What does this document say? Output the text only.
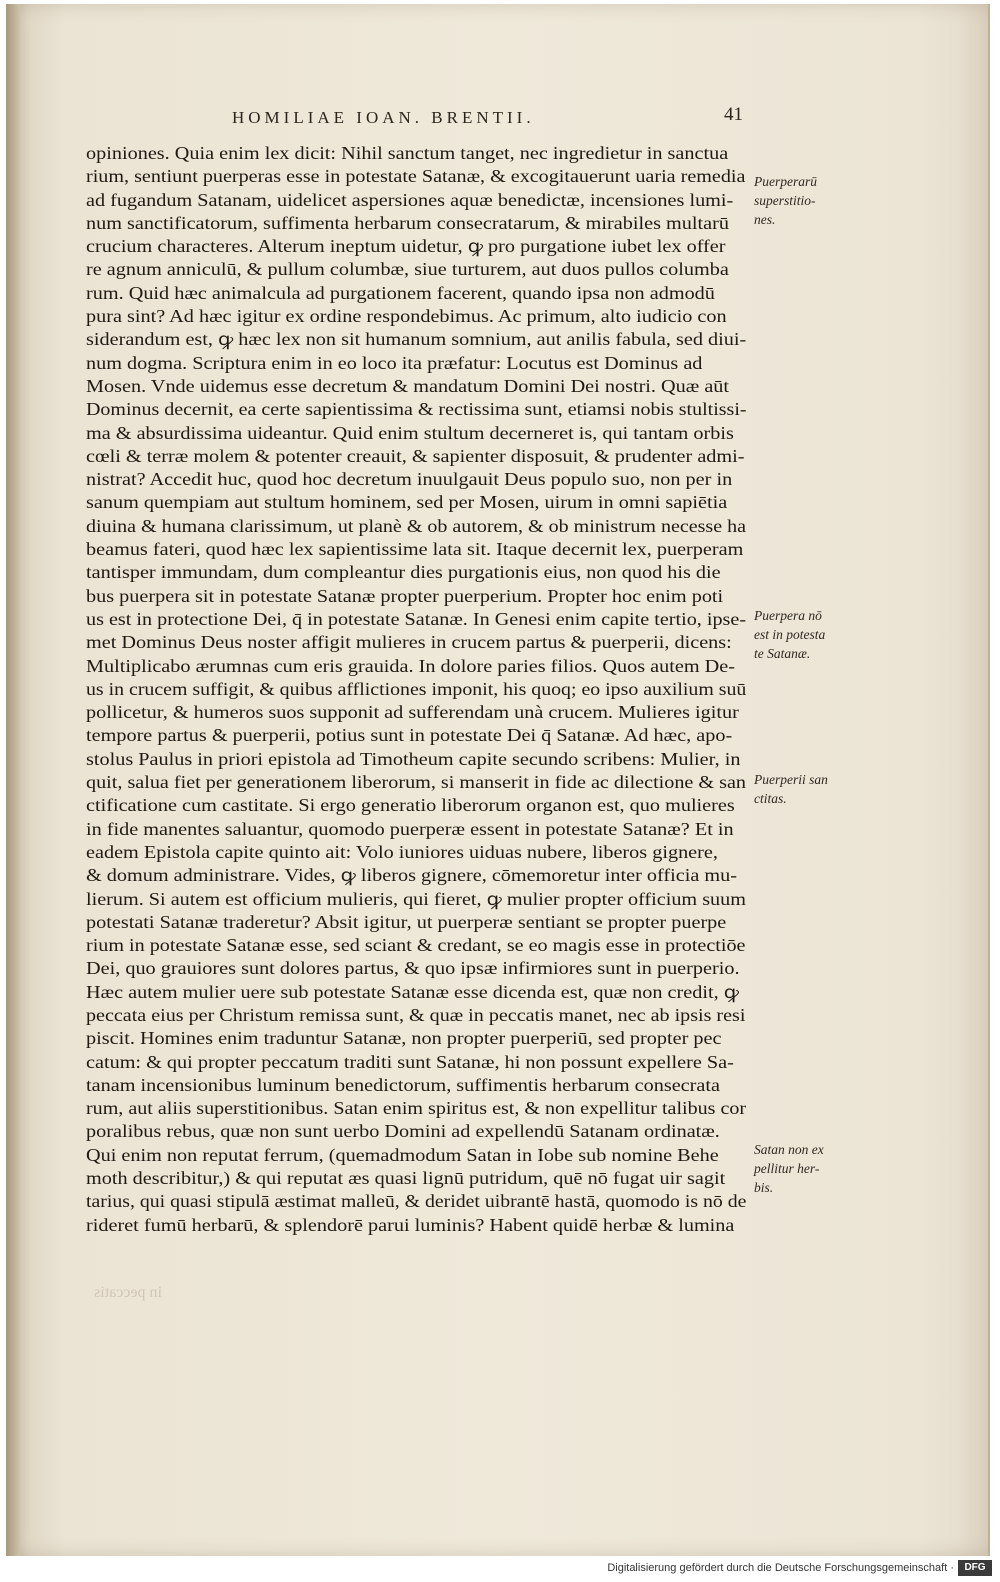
HOMILIAE IOAN. BRENTII.	41
opiniones. Quia enim lex dicit: Nihil sanctum tanget, nec ingredietur in sanctua
rium, sentiunt puerperas esse in potestate Satanæ, & excogitauerunt uaria remedia
ad fugandum Satanam, uidelicet aspersiones aquæ benedictæ, incensiones lumi-
num sanctificatorum, suffimenta herbarum consecratarum, & mirabiles multarū
crucium characteres. Alterum ineptum uidetur, ꝙ pro purgatione iubet lex offer
re agnum anniculū, & pullum columbæ, siue turturem, aut duos pullos columba
rum. Quid hæc animalcula ad purgationem facerent, quando ipsa non admodū
pura sint? Ad hæc igitur ex ordine respondebimus. Ac primum, alto iudicio con
siderandum est, ꝙ hæc lex non sit humanum somnium, aut anilis fabula, sed diui-
num dogma. Scriptura enim in eo loco ita præfatur: Locutus est Dominus ad
Mosen. Vnde uidemus esse decretum & mandatum Domini Dei nostri. Quæ aūt
Dominus decernit, ea certe sapientissima & rectissima sunt, etiamsi nobis stultissi-
ma & absurdissima uideantur. Quid enim stultum decerneret is, qui tantam orbis
cœli & terræ molem & potenter creauit, & sapienter disposuit, & prudenter admi-
nistrat? Accedit huc, quod hoc decretum inuulgauit Deus populo suo, non per in
sanum quempiam aut stultum hominem, sed per Mosen, uirum in omni sapiētia
diuina & humana clarissimum, ut planè & ob autorem, & ob ministrum necesse ha
beamus fateri, quod hæc lex sapientissime lata sit. Itaque decernit lex, puerperam
tantisper immundam, dum compleantur dies purgationis eius, non quod his die
bus puerpera sit in potestate Satanæ propter puerperium. Propter hoc enim poti
us est in protectione Dei, q̄ in potestate Satanæ. In Genesi enim capite tertio, ipse-
met Dominus Deus noster affigit mulieres in crucem partus & puerperii, dicens:
Multiplicabo ærumnas cum eris grauida. In dolore paries filios. Quos autem De-
us in crucem suffigit, & quibus afflictiones imponit, his quoq; eo ipso auxilium suū
pollicetur, & humeros suos supponit ad sufferendam unà crucem. Mulieres igitur
tempore partus & puerperii, potius sunt in potestate Dei q̄ Satanæ. Ad hæc, apo-
stolus Paulus in priori epistola ad Timotheum capite secundo scribens: Mulier, in
quit, salua fiet per generationem liberorum, si manserit in fide ac dilectione & san
ctificatione cum castitate. Si ergo generatio liberorum organon est, quo mulieres
in fide manentes saluantur, quomodo puerperæ essent in potestate Satanæ? Et in
eadem Epistola capite quinto ait: Volo iuniores uiduas nubere, liberos gignere,
& domum administrare. Vides, ꝙ liberos gignere, cōmemoretur inter officia mu-
lierum. Si autem est officium mulieris, qui fieret, ꝙ mulier propter officium suum
potestati Satanæ traderetur? Absit igitur, ut puerperæ sentiant se propter puerpe
rium in potestate Satanæ esse, sed sciant & credant, se eo magis esse in protectiōe
Dei, quo grauiores sunt dolores partus, & quo ipsæ infirmiores sunt in puerperio.
Hæc autem mulier uere sub potestate Satanæ esse dicenda est, quæ non credit, ꝙ
peccata eius per Christum remissa sunt, & quæ in peccatis manet, nec ab ipsis resi
piscit. Homines enim traduntur Satanæ, non propter puerperiū, sed propter pec
catum: & qui propter peccatum traditi sunt Satanæ, hi non possunt expellere Sa-
tanam incensionibus luminum benedictorum, suffimentis herbarum consecrata
rum, aut aliis superstitionibus. Satan enim spiritus est, & non expellitur talibus cor
poralibus rebus, quæ non sunt uerbo Domini ad expellendū Satanam ordinatæ.
Qui enim non reputat ferrum, (quemadmodum Satan in Iobe sub nomine Behe
moth describitur,) & qui reputat æs quasi lignū putridum, quē nō fugat uir sagit
tarius, qui quasi stipulā æstimat malleū, & deridet uibrantē hastā, quomodo is nō de
rideret fumū herbarū, & splendorē parui luminis? Habent quidē herbæ & lumina
Puerperarū
superstitio-
nes.
Puerpera nō
est in potesta
te Satanæ.
Puerperii san
ctitas.
Satan non ex
pellitur her-
bis.
in peccatis
Digitalisierung gefördert durch die Deutsche Forschungsgemeinschaft ·	DFG
